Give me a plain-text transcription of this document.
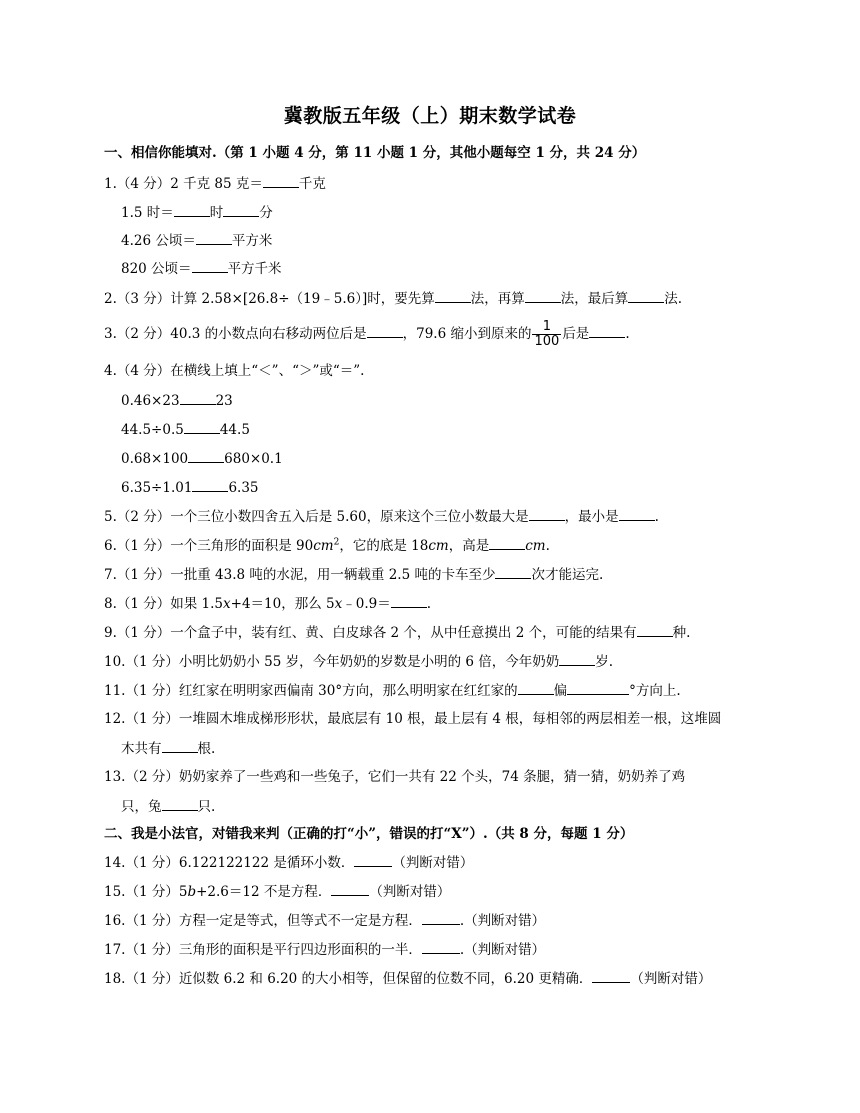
冀教版五年级（上）期末数学试卷
一、相信你能填对.（第 1 小题 4 分，第 11 小题 1 分，其他小题每空 1 分，共 24 分）
1.（4 分）2 千克 85 克＝	千克
1.5 时＝	时	分
4.26 公顷＝	平方米
820 公顷＝	平方千米
2.（3 分）计算 2.58×[26.8÷（19﹣5.6）]时，要先算	法，再算	法，最后算	法.
3.（2 分）40.3 的小数点向右移动两位后是	，79.6 缩小到原来的 $\frac{1}{100}$ 后是	.
4.（4 分）在横线上填上“＜”、“＞”或“＝”.
0.46×23	23
44.5÷0.5	44.5
0.68×100	680×0.1
6.35÷1.01	6.35
5.（2 分）一个三位小数四舍五入后是 5.60，原来这个三位小数最大是	，最小是	.
6.（1 分）一个三角形的面积是 $90cm^2$，它的底是 18cm，高是	cm.
7.（1 分）一批重 43.8 吨的水泥，用一辆载重 2.5 吨的卡车至少	次才能运完.
8.（1 分）如果 1.5x+4＝10，那么 5x﹣0.9＝	.
9.（1 分）一个盒子中，装有红、黄、白皮球各 2 个，从中任意摸出 2 个，可能的结果有	种.
10.（1 分）小明比奶奶小 55 岁，今年奶奶的岁数是小明的 6 倍，今年奶奶	岁.
11.（1 分）红红家在明明家西偏南 30°方向，那么明明家在红红家的	偏	°方向上.
12.（1 分）一堆圆木堆成梯形形状，最底层有 10 根，最上层有 4 根，每相邻的两层相差一根，这堆圆
木共有	根.
13.（2 分）奶奶家养了一些鸡和一些兔子，它们一共有 22 个头，74 条腿，猜一猜，奶奶养了鸡
只，兔	只.
二、我是小法官，对错我来判（正确的打“小”，错误的打“X”）.（共 8 分，每题 1 分）
14.（1 分）6.122122122 是循环小数．	（判断对错）
15.（1 分）5b+2.6＝12 不是方程．	（判断对错）
16.（1 分）方程一定是等式，但等式不一定是方程．	.（判断对错）
17.（1 分）三角形的面积是平行四边形面积的一半．	.（判断对错）
18.（1 分）近似数 6.2 和 6.20 的大小相等，但保留的位数不同，6.20 更精确．	（判断对错）
